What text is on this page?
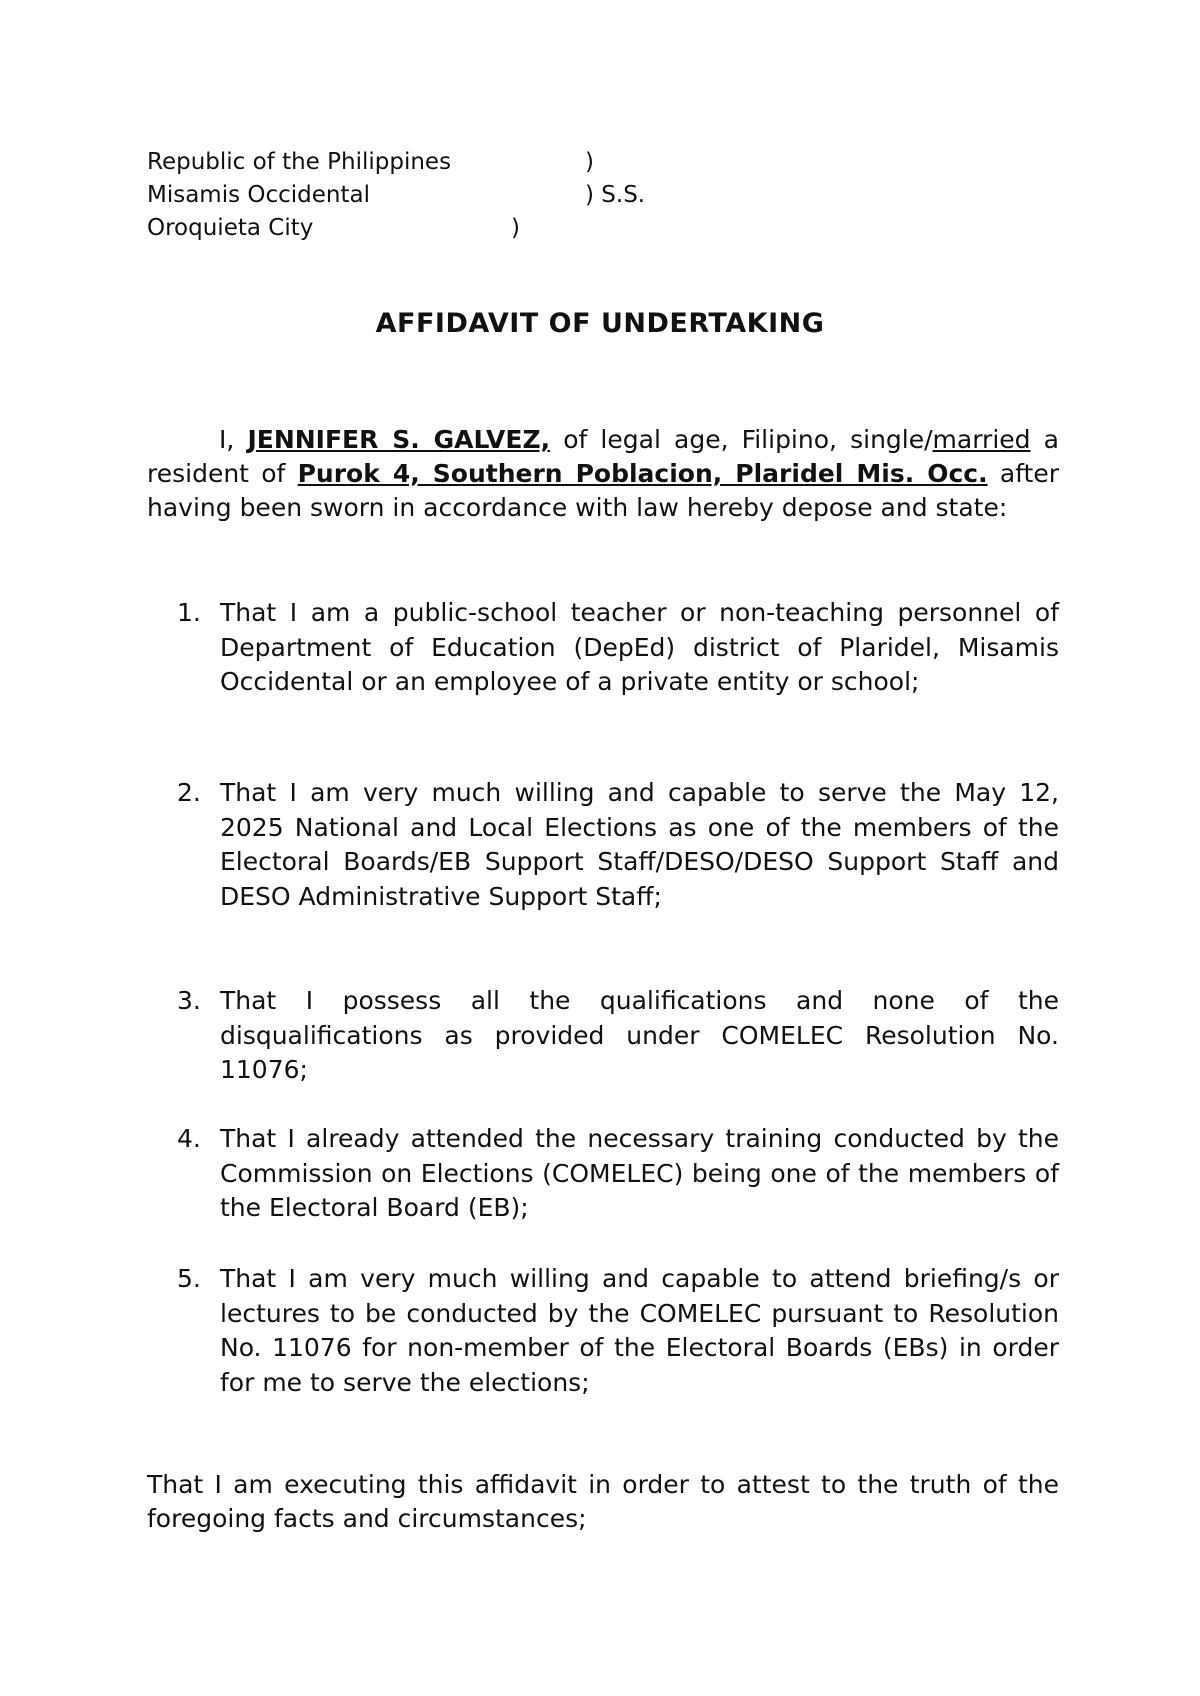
Republic of the Philippines	)
Misamis Occidental	) S.S.
Oroquieta City	)
AFFIDAVIT OF UNDERTAKING
I, JENNIFER S. GALVEZ, of legal age, Filipino, single/married a resident of Purok 4, Southern Poblacion, Plaridel Mis. Occ. after having been sworn in accordance with law hereby depose and state:
1. That I am a public-school teacher or non-teaching personnel of Department of Education (DepEd) district of Plaridel, Misamis Occidental or an employee of a private entity or school;
2. That I am very much willing and capable to serve the May 12, 2025 National and Local Elections as one of the members of the Electoral Boards/EB Support Staff/DESO/DESO Support Staff and DESO Administrative Support Staff;
3. That I possess all the qualifications and none of the disqualifications as provided under COMELEC Resolution No. 11076;
4. That I already attended the necessary training conducted by the Commission on Elections (COMELEC) being one of the members of the Electoral Board (EB);
5. That I am very much willing and capable to attend briefing/s or lectures to be conducted by the COMELEC pursuant to Resolution No. 11076 for non-member of the Electoral Boards (EBs) in order for me to serve the elections;
That I am executing this affidavit in order to attest to the truth of the foregoing facts and circumstances;
